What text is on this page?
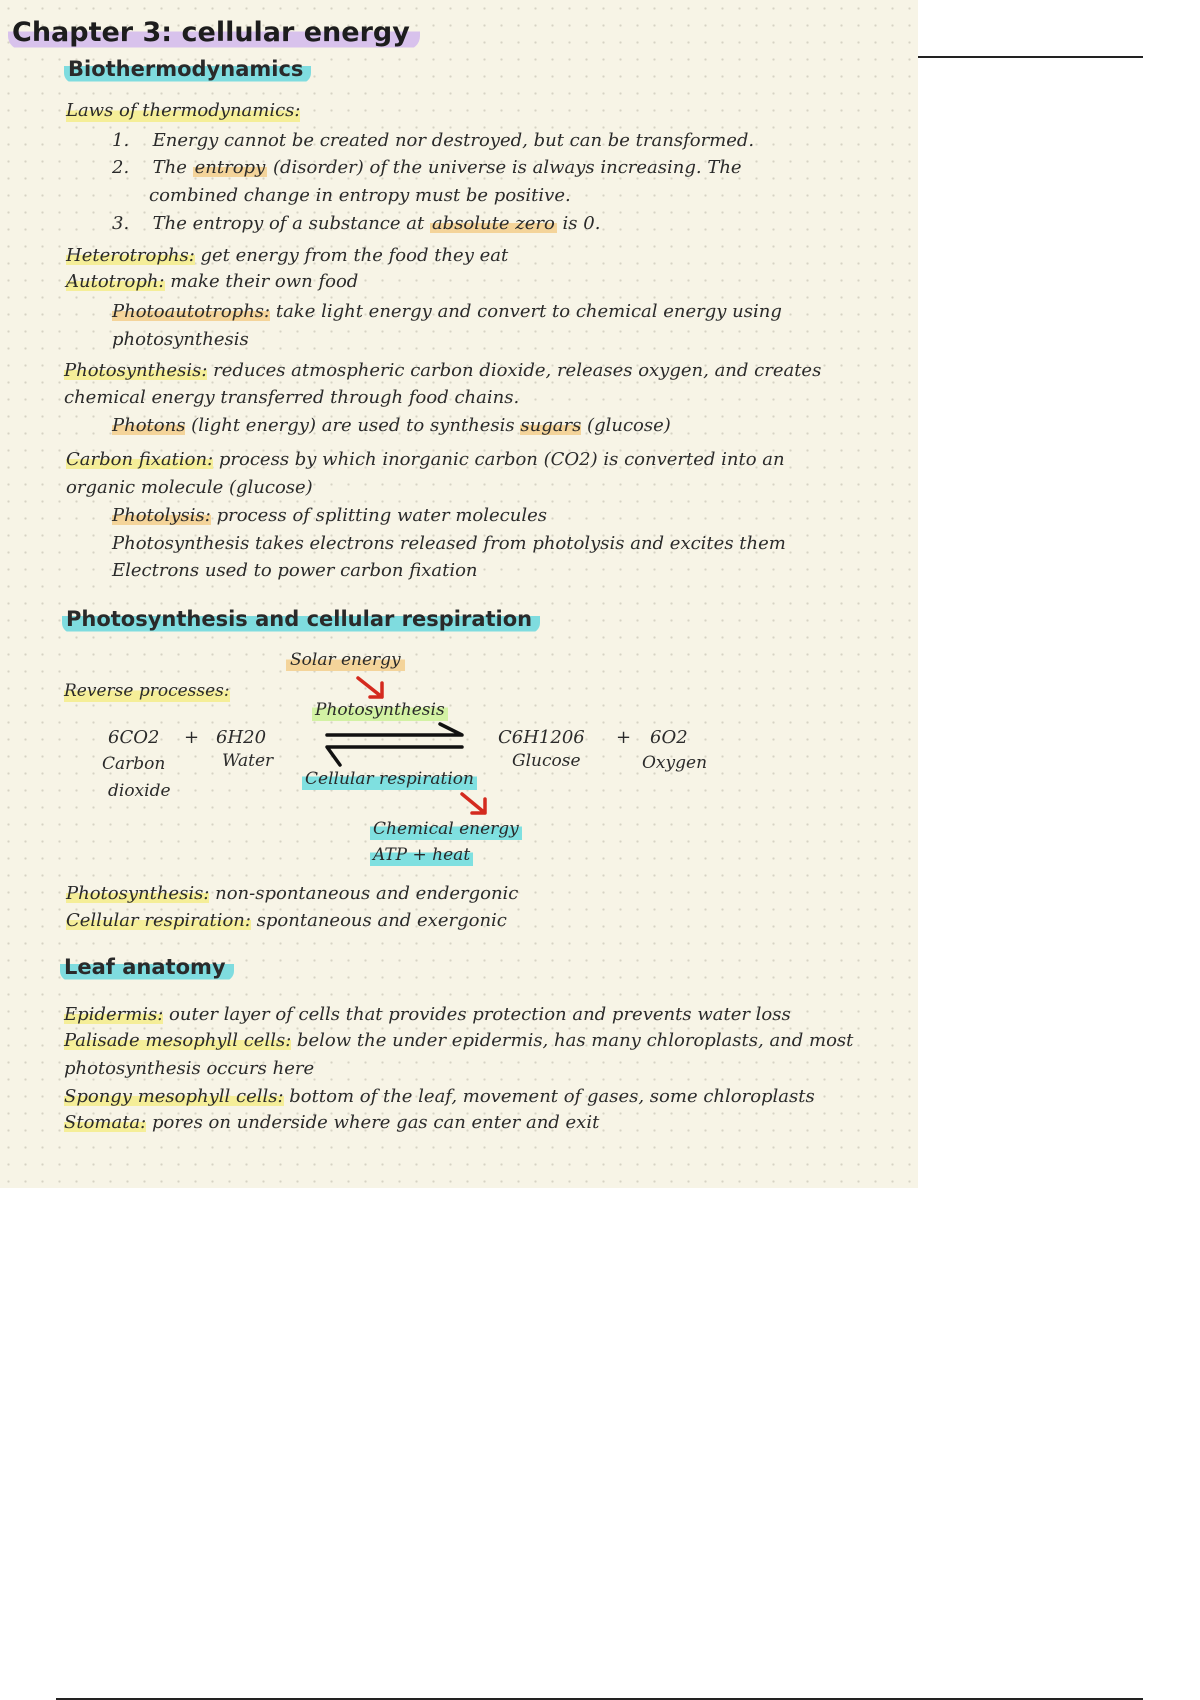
Chapter 3: cellular energy
Biothermodynamics
Laws of thermodynamics:
1. Energy cannot be created nor destroyed, but can be transformed.
2. The entropy (disorder) of the universe is always increasing. The
combined change in entropy must be positive.
3. The entropy of a substance at absolute zero is 0.
Heterotrophs: get energy from the food they eat
Autotroph: make their own food
Photoautotrophs: take light energy and convert to chemical energy using
photosynthesis
Photosynthesis: reduces atmospheric carbon dioxide, releases oxygen, and creates
chemical energy transferred through food chains.
Photons (light energy) are used to synthesis sugars (glucose)
Carbon fixation: process by which inorganic carbon (CO2) is converted into an
organic molecule (glucose)
Photolysis: process of splitting water molecules
Photosynthesis takes electrons released from photolysis and excites them
Electrons used to power carbon fixation
Photosynthesis and cellular respiration
Solar energy
Reverse processes:
Photosynthesis
6CO2 + 6H20
Carbon
dioxide
Water
C6H1206 + 6O2
Glucose	Oxygen
Cellular respiration
Chemical energy
ATP + heat
Photosynthesis: non-spontaneous and endergonic
Cellular respiration: spontaneous and exergonic
Leaf anatomy
Epidermis: outer layer of cells that provides protection and prevents water loss
Palisade mesophyll cells: below the under epidermis, has many chloroplasts, and most
photosynthesis occurs here
Spongy mesophyll cells: bottom of the leaf, movement of gases, some chloroplasts
Stomata: pores on underside where gas can enter and exit
